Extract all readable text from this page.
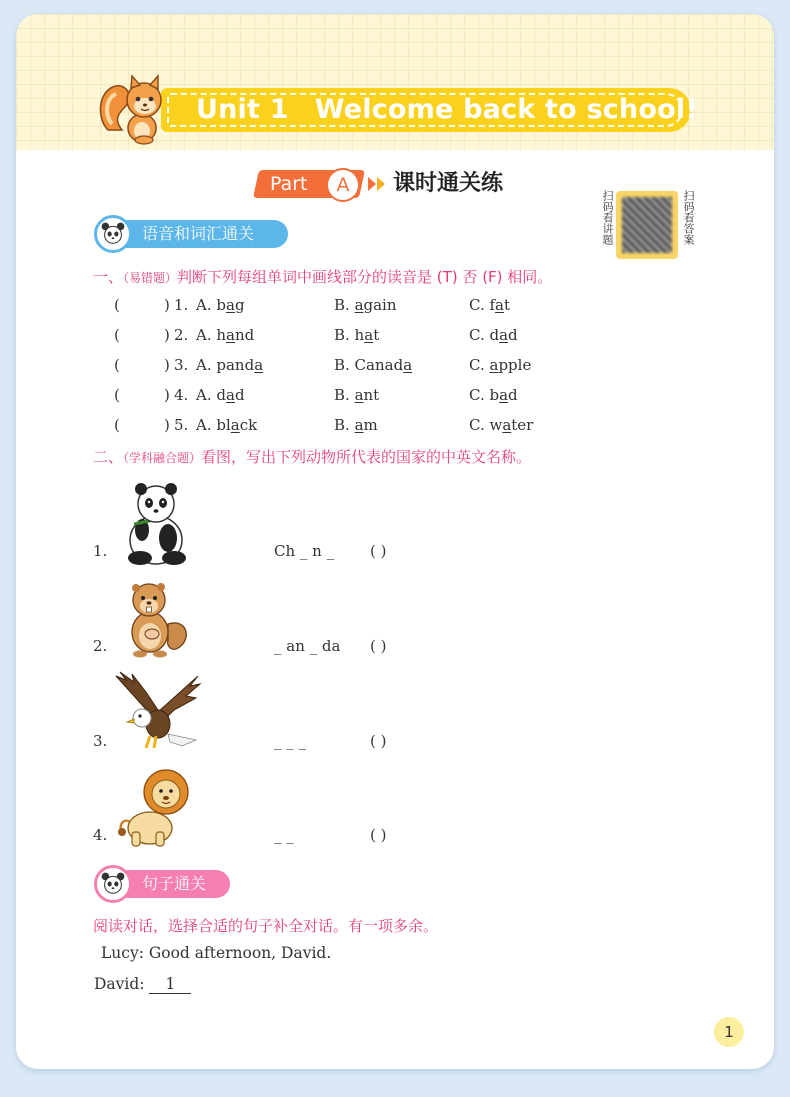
Unit 1 Welcome back to school!
Part	A	课时通关练
扫码看讲题	扫码看答案
语音和词汇通关
一、（易错题）判断下列每组单词中画线部分的读音是 (T) 否 (F) 相同。
(	) 1. A. bag	B. again	C. fat
(	) 2. A. hand	B. hat	C. dad
(	) 3. A. panda	B. Canada	C. apple
(	) 4. A. dad	B. ant	C. bad
(	) 5. A. black	B. am	C. water
二、（学科融合题）看图，写出下列动物所代表的国家的中英文名称。
1.	Ch _ n _ ( )
2.	_ an _ da ( )
3.	_ _ _	( )
4.	_ _	( )
句子通关
阅读对话，选择合适的句子补全对话。有一项多余。
Lucy: Good afternoon, David.
David: 1
1
